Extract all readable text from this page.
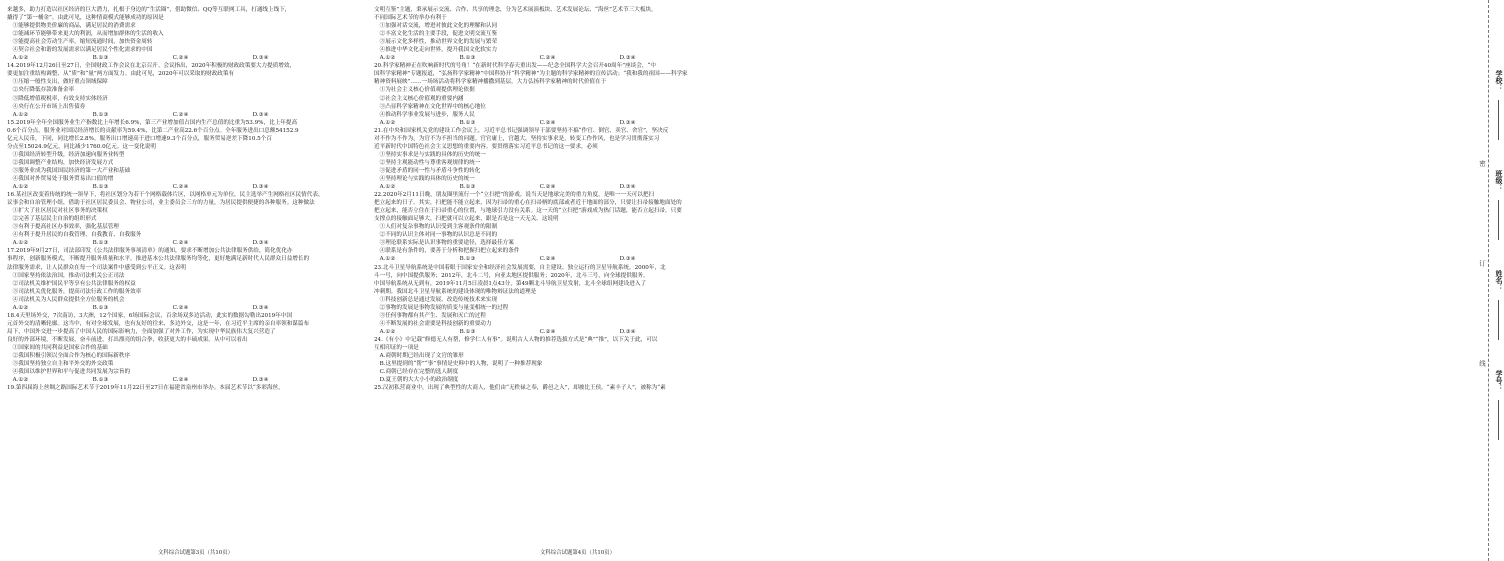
来越多，助力打造以社区经济的巨大潜力，扎根于身边的“生活圈”，借助微信、QQ等互联网工具，打通线上线下，
撬得了“第一桶金”。由此可见，这种情商模式能够成功的原因是
①能够提供物美价廉的商品，满足居民的消费需求
②能减环节能够带来更大的利润，从而增加群体的生活的收入
③能提高社会劳动生产率，缩短流通时间，加快资金周转
④契合社会和谐的发展需求以满足居民个性化需求的中国
A.①②	B.①③	C.②④	D.③④
14.2019年12月26日至27日，全国财政工作会议在北京召开。会议指出，2020年积极的财政政策要大力提质增效，
要更加注重结构调整，从“质”和“量”两方面发力。由此可见，2020年可以采取的财政政策有
①压缩一般性支出，做好重点领域保障
②央行降低存款准备金率
③降低增值税税率，有效支持实体经济
④央行在公开市场上出售债券
A.①②	B.①③	C.②④	D.③④
15.2019年全年全国服务业生产指数比上年增长6.9%，第三产业增加值占国内生产总值的比重为53.9%，比上年提高
0.6个百分点。服务业对国民经济增长的贡献率为59.4%，比第二产业高22.6个百分点。全年服务进出口总额54152.9
亿元人民币，下同，同比增长2.8%。服务出口增速高于进口增速9.3个百分点，服务贸易逆差下降10.5个百
分点至15024.9亿元，同比减少1760.0亿元。这一变化说明
①我国经济转型升级，经济加速向服务业转型
②我国调整产业结构，加快经济发展方式
③服务业成为我国国民经济的第一大产业和基础
④我国对外贸易处于服务贸易出口值的增
A.①②	B.①③	C.②④	D.③④
16.某社区改变着传统的统一领导下，将社区划分为若干个网格载体片区，以网格单元为单位，民主选举产生网格社区民情代表，
议事会和自治管理小组，借助于社区居民委员会、物业公司，业主委员会三方的力量，为居民提供便捷的各种服务。这种做法
①扩大了社区居民对社区事务的决策权
②完善了基层民主自治的组织形式
③有利于提高社区办事效率，强化基层管理
④有利于提升居民的自我管理、自我教育、自我服务
A.①②	B.①③	C.②④	D.③④
17.2019年9月27日，司法部印发《公共法律服务事项清单》的通知，要求不断增加公共法律服务供给，简化优化办
事程序，创新服务模式，不断提升服务质量和水平，推进基本公共法律服务均等化，更好地满足新时代人民群众日益增长的
法律服务需求，让人民群众在每一个司法案件中感受到公平正义。这表明
①国家坚持依法治国，推动司法机关公正司法
②司法机关维护国民平等享有公共法律服务的权益
③司法机关优化服务，提高司法行政工作的服务效率
④司法机关为人民群众提供全方位服务的机会
A.①②	B.①③	C.②④	D.③④
18.4天里场外交，7次南访，3大洲，12个国家，6场国际会议，百余场双多边活动，此实的数据勾勒出2019年中国
元首外交的清晰轮廓。这当中，有对全球发展，也有友好的往来，多边外交，这是一年，在习近平主席的亲自率领和谋篇布
局下，中国外交进一步提高了中国人民的国际影响力，全面加强了对外工作，为实现中华民族伟大复兴营造了
良好的外部环境，不断发展，奋斗前进，打出漂亮的组合拳，收获更大的丰硕成果。从中可以看出
①国家间的共同利益是国家合作的基础
②我国积极引领以全面合作为核心的国际新秩序
③我国坚持独立自主和平外交的外交政策
④我国以维护世界和平与促进共同发展为宗旨的
A.①②	B.①③	C.②④	D.③④
19.第四届海上丝绸之路国际艺术节于2019年11月22日至27日在福建省泉州市举办。本届艺术节以“多彩海丝，
文明互鉴”主题，秉承展示交流、合作、共享的理念，分为艺术展演板块、艺术发展论坛、“海丝”艺术节三大板块。
不同国际艺术节的举办有利于
①加强对话交流，增进对彼此文化的理解和认同
②丰富文化生活的主要手段，促进文明交流互鉴
③展示文化多样性，推动世界文化的发展与繁荣
④推进中华文化走向世界，提升我国文化软实力
A.①②	B.①③	C.②④	D.③④
20.科学家精神正在吹响新时代的号角！“在新时代科学春天重出发——纪念全国科学大会召开40周年”座谈会，“中
国科学家精神”专题报道，“弘扬科学家精神”中国科协开“科学精神”为主题的科学家精神的宣传活动；“我和我的祖国——科学家
精神资料展映”……一场场活动将科学家精神播撒到基层，大力弘扬科学家精神的时代价值在于
①为社会主义核心价值观提供理论依据
②社会主义核心价值观的重要内涵
③凸显科学家精神在文化世界中的核心地位
④推动科学事业发展与进步，服务人民
A.①②	B.①③	C.②④	D.③④
21.在中央和国家机关党的建设工作会议上，习近平总书记强调领导干部要坚持不搞“作官、倒官、卖官、舍官”，坚决反
对不作为不作为，为官不为不担当的问题。官官庸上，官越大，坚持实事求是，转变工作作风，也是学习贯彻落实习
近平新时代中国特色社会主义思想的重要内容。要贯彻落实习近平总书记的这一要求，必须
①坚持实事求是与实践的具体的历史的统一
②坚持主观能动性与尊重客观规律的统一
③促进矛盾的同一性与矛盾斗争性的转化
④坚持理论与实践的具体的历史的统一
A.①②	B.①③	C.②④	D.③④
22.2020年2月11日晚，朋友圈里流行一个“立扫把”的游戏。说当天是地球完美的重力角度，是唯一一天可以把扫
把立起来的日子。其实，扫把能不能立起来，因为扫帚的重心在扫帚柄的底部或者近于地面的部分，只要让扫帚接触地面处的
把立起来，能否立住在于扫帚重心的位置，与地球引力没有关系。这一天的“立扫把”游戏成为热门话题，能否立起扫帚，只要
支撑点的接触面足够大，扫把就可以立起来，跟是否是这一天无关。这说明
①人们对复杂事物的认识受到主客观条件的限制
②不同的认识主体对同一事物的认识总是不同的
③理论联系实际是认识事物的重要途径，选择最佳方案
④联系是有条件的，要善于分析和把握扫把立起来的条件
A.①②	B.①③	C.②④	D.③④
23.北斗卫星导航系统是中国着眼于国家安全和经济社会发展需要，自主建设、独立运行的卫星导航系统。2000年，北
斗一号，向中国提供服务；2012年，北斗二号，向亚太地区提供服务；2020年，北斗三号，向全球提供服务。
中国导航系统从无到有，2019年11月5日凌晨1点43分，第49颗北斗导航卫星发射，北斗全球组网建设进入了
冲刺期。我国北斗卫星导航系统的建设体现的唯物辩证法的道理是
①科技创新总是通过发展、改造传统技术来实现
②事物的发展是事物发展的质变与量变相统一的过程
③任何事物都有其产生、发展和灭亡的过程
④不断发展的社会需要是科技创新的重要动力
A.①②	B.①③	C.②④	D.③④
24.《有小》中记载“修德无人有帮，修学仁人有事”。说明古人人物的推荐选拔方式是“典”“推”，以下关于此，可以
互相印证的一项是
A.商朝时期已经出现了文官的雏形
B.这里提到的“帮”“事”事情是史料中的人物，说明了一种推荐现象
C.商朝已经存在完整的选人制度
D.夏王朝的大大小小的政治制度
25.汉初私营商业中，出现了典型性的大商人，他们由“无秩禄之奉，爵邑之入”，却被比王侯。“素丰子人”，被称为“素
文科综合试题第3页（共10页）	文科综合试题第4页（共10页）
学校：
班级：
姓名：
学号：
密
订
线
